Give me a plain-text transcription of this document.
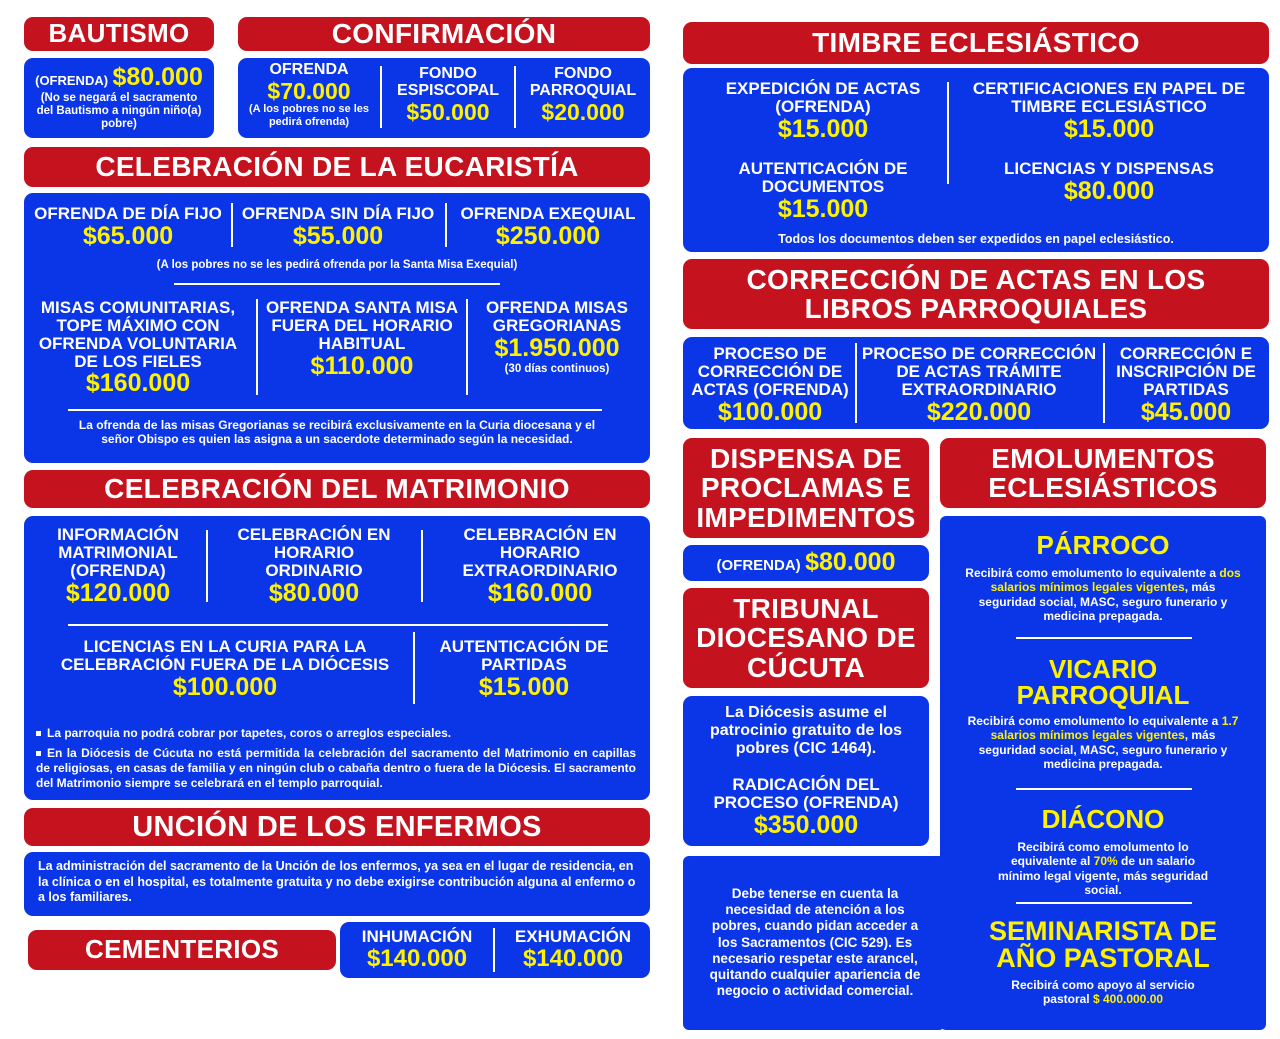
BAUTISMO
(OFRENDA) $80.000
(No se negará el sacramento del Bautismo a ningún niño(a) pobre)
CONFIRMACIÓN
OFRENDA
$70.000
(A los pobres no se les pedirá ofrenda)
FONDO ESPISCOPAL
$50.000
FONDO PARROQUIAL
$20.000
CELEBRACIÓN DE LA EUCARISTÍA
OFRENDA DE DÍA FIJO
$65.000
OFRENDA SIN DÍA FIJO
$55.000
OFRENDA EXEQUIAL
$250.000
(A los pobres no se les pedirá ofrenda por la Santa Misa Exequial)
MISAS COMUNITARIAS, TOPE MÁXIMO CON OFRENDA VOLUNTARIA DE LOS FIELES
$160.000
OFRENDA SANTA MISA FUERA DEL HORARIO HABITUAL
$110.000
OFRENDA MISAS GREGORIANAS
$1.950.000
(30 días continuos)
La ofrenda de las misas Gregorianas se recibirá exclusivamente en la Curia diocesana y el señor Obispo es quien las asigna a un sacerdote determinado según la necesidad.
CELEBRACIÓN DEL MATRIMONIO
INFORMACIÓN MATRIMONIAL (OFRENDA)
$120.000
CELEBRACIÓN EN HORARIO ORDINARIO
$80.000
CELEBRACIÓN EN HORARIO EXTRAORDINARIO
$160.000
LICENCIAS EN LA CURIA PARA LA CELEBRACIÓN FUERA DE LA DIÓCESIS
$100.000
AUTENTICACIÓN DE PARTIDAS
$15.000
La parroquia no podrá cobrar por tapetes, coros o arreglos especiales.
En la Diócesis de Cúcuta no está permitida la celebración del sacramento del Matrimonio en capillas de religiosas, en casas de familia y en ningún club o cabaña dentro o fuera de la Diócesis. El sacramento del Matrimonio siempre se celebrará en el templo parroquial.
UNCIÓN DE LOS ENFERMOS
La administración del sacramento de la Unción de los enfermos, ya sea en el lugar de residencia, en la clínica o en el hospital, es totalmente gratuita y no debe exigirse contribución alguna al enfermo o a los familiares.
CEMENTERIOS	INHUMACIÓN
$140.000
EXHUMACIÓN
$140.000
TIMBRE ECLESIÁSTICO
EXPEDICIÓN DE ACTAS (OFRENDA)
$15.000
CERTIFICACIONES EN PAPEL DE TIMBRE ECLESIÁSTICO
$15.000
AUTENTICACIÓN DE DOCUMENTOS
$15.000
LICENCIAS Y DISPENSAS
$80.000
Todos los documentos deben ser expedidos en papel eclesiástico.
CORRECCIÓN DE ACTAS EN LOS LIBROS PARROQUIALES
PROCESO DE CORRECCIÓN DE ACTAS (OFRENDA)
$100.000
PROCESO DE CORRECCIÓN DE ACTAS TRÁMITE EXTRAORDINARIO
$220.000
CORRECCIÓN E INSCRIPCIÓN DE PARTIDAS
$45.000
DISPENSA DE PROCLAMAS E IMPEDIMENTOS
(OFRENDA) $80.000
TRIBUNAL DIOCESANO DE CÚCUTA
La Diócesis asume el patrocinio gratuito de los pobres (CIC 1464).
RADICACIÓN DEL PROCESO (OFRENDA)
$350.000
Debe tenerse en cuenta la necesidad de atención a los pobres, cuando pidan acceder a los Sacramentos (CIC 529). Es necesario respetar este arancel, quitando cualquier apariencia de negocio o actividad comercial.
EMOLUMENTOS ECLESIÁSTICOS
PÁRROCO
Recibirá como emolumento lo equivalente a dos salarios mínimos legales vigentes, más seguridad social, MASC, seguro funerario y medicina prepagada.
VICARIO PARROQUIAL
Recibirá como emolumento lo equivalente a 1.7 salarios mínimos legales vigentes, más seguridad social, MASC, seguro funerario y medicina prepagada.
DIÁCONO
Recibirá como emolumento lo equivalente al 70% de un salario mínimo legal vigente, más seguridad social.
SEMINARISTA DE AÑO PASTORAL
Recibirá como apoyo al servicio pastoral $ 400.000.00
